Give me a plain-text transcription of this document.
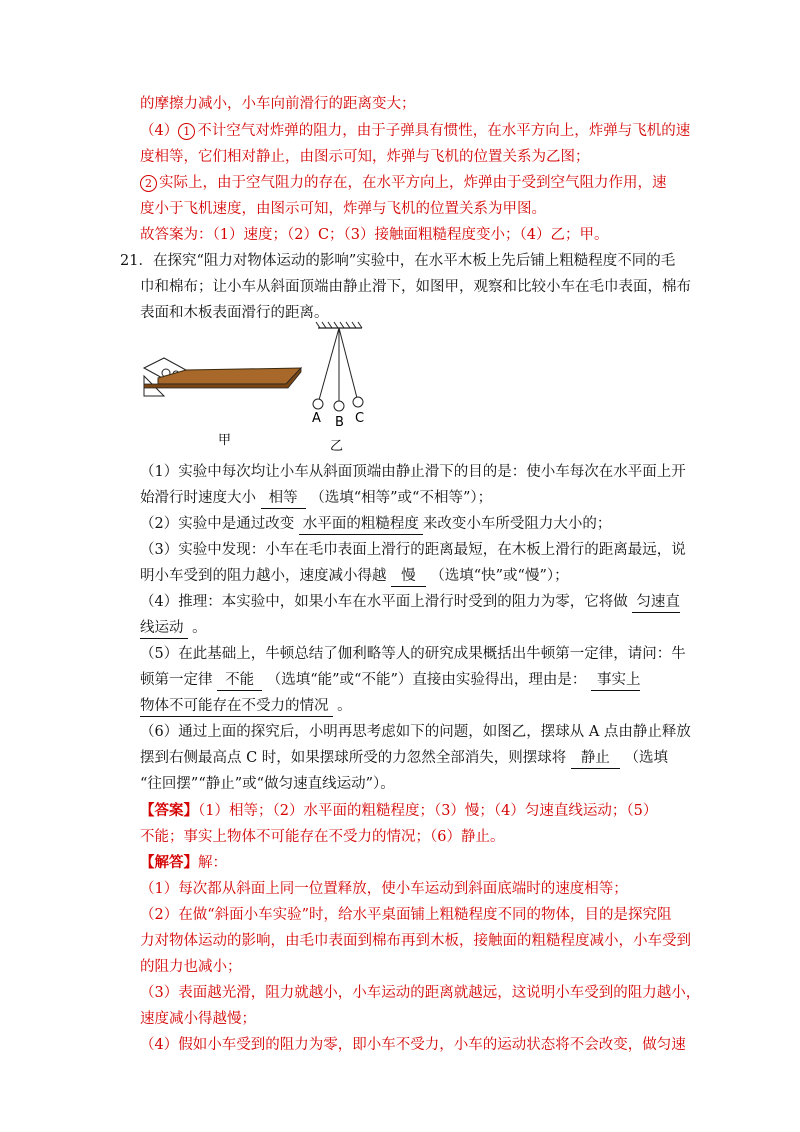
的摩擦力减小，小车向前滑行的距离变大；
（4） 1 不计空气对炸弹的阻力，由于子弹具有惯性，在水平方向上，炸弹与飞机的速
度相等，它们相对静止，由图示可知，炸弹与飞机的位置关系为乙图；
2 实际上，由于空气阻力的存在，在水平方向上，炸弹由于受到空气阻力作用，速
度小于飞机速度，由图示可知，炸弹与飞机的位置关系为甲图。
故答案为：（1）速度；（2）C；（3）接触面粗糙程度变小；（4）乙；甲。
21．在探究“阻力对物体运动的影响”实验中，在水平木板上先后铺上粗糙程度不同的毛
巾和棉布；让小车从斜面顶端由静止滑下，如图甲，观察和比较小车在毛巾表面，棉布
表面和木板表面滑行的距离。
A B C
甲	乙
（1）实验中每次均让小车从斜面顶端由静止滑下的目的是：使小车每次在水平面上开
始滑行时速度大小 相等 （选填“相等”或“不相等”）；
（2）实验中是通过改变 水平面的粗糙程度 来改变小车所受阻力大小的；
（3）实验中发现：小车在毛巾表面上滑行的距离最短，在木板上滑行的距离最远，说
明小车受到的阻力越小，速度减小得越 慢 （选填“快”或“慢”）；
（4）推理：本实验中，如果小车在水平面上滑行时受到的阻力为零，它将做 匀速直
线运动 。
（5）在此基础上，牛顿总结了伽利略等人的研究成果概括出牛顿第一定律，请问：牛
顿第一定律 不能 （选填“能”或“不能”）直接由实验得出，理由是： 事实上
物体不可能存在不受力的情况 。
（6）通过上面的探究后，小明再思考虑如下的问题，如图乙，摆球从 A 点由静止释放
摆到右侧最高点 C 时，如果摆球所受的力忽然全部消失，则摆球将 静止 （选填
“往回摆”“静止”或“做匀速直线运动”）。
【答案】（1）相等；（2）水平面的粗糙程度；（3）慢；（4）匀速直线运动；（5）
不能；事实上物体不可能存在不受力的情况；（6）静止。
【解答】解：
（1）每次都从斜面上同一位置释放，使小车运动到斜面底端时的速度相等；
（2）在做“斜面小车实验”时，给水平桌面铺上粗糙程度不同的物体，目的是探究阻
力对物体运动的影响，由毛巾表面到棉布再到木板，接触面的粗糙程度减小，小车受到
的阻力也减小；
（3）表面越光滑，阻力就越小，小车运动的距离就越远，这说明小车受到的阻力越小，
速度减小得越慢；
（4）假如小车受到的阻力为零，即小车不受力，小车的运动状态将不会改变，做匀速
